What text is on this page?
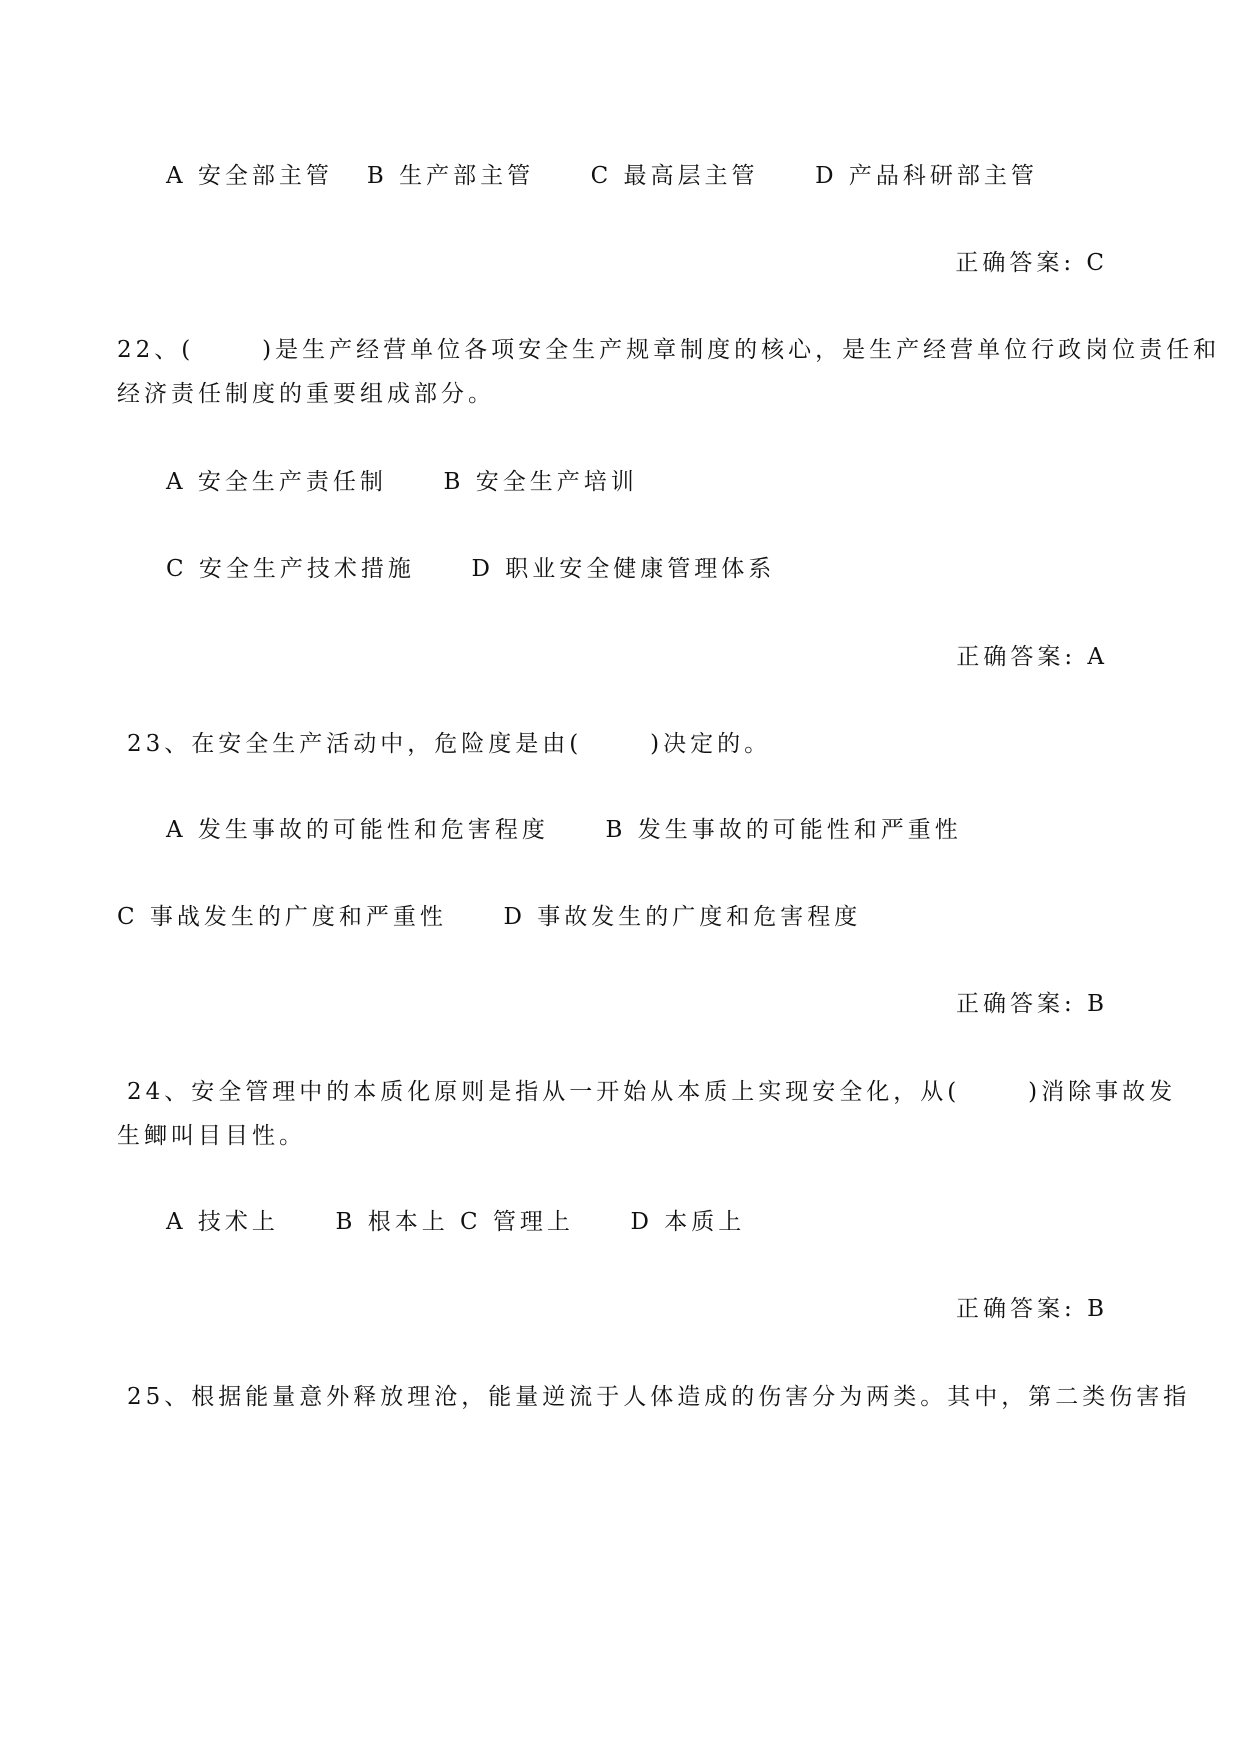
A 安全部主管   B 生产部主管     C 最高层主管     D 产品科研部主管
正确答案: C
22、(      )是生产经营单位各项安全生产规章制度的核心，是生产经营单位行政岗位责任和
经济责任制度的重要组成部分。
A 安全生产责任制     B 安全生产培训
C 安全生产技术措施     D 职业安全健康管理体系
正确答案: A
23、在安全生产活动中，危险度是由(      )决定的。
A 发生事故的可能性和危害程度     B 发生事故的可能性和严重性
C 事战发生的广度和严重性     D 事故发生的广度和危害程度
正确答案: B
24、安全管理中的本质化原则是指从一开始从本质上实现安全化，从(      )消除事故发
生鲫叫目目性。
A 技术上     B 根本上 C 管理上     D 本质上
正确答案: B
25、根据能量意外释放理沧，能量逆流于人体造成的伤害分为两类。其中，第二类伤害指
